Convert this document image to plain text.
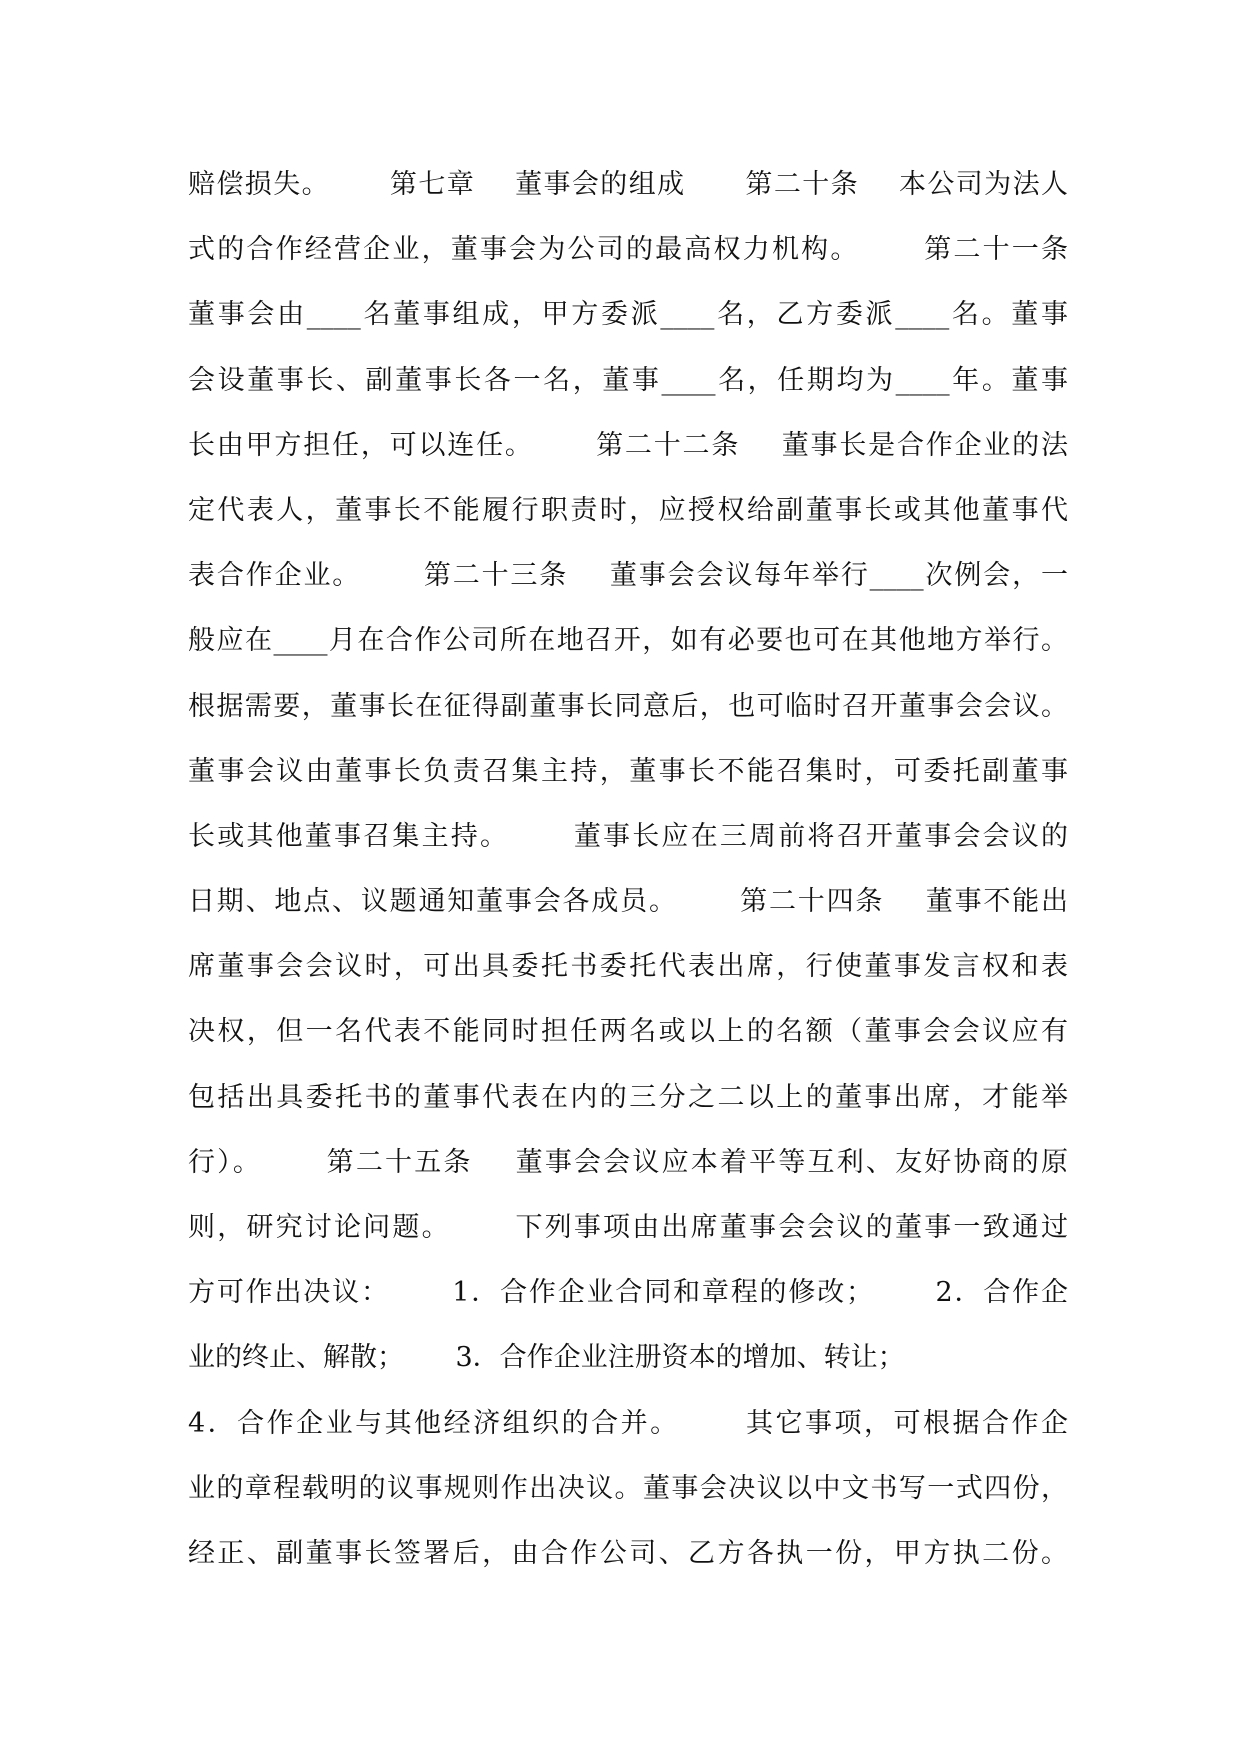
赔偿损失。      第七章    董事会的组成      第二十条    本公司为法人
式的合作经营企业，董事会为公司的最高权力机构。      第二十一条
董事会由____名董事组成，甲方委派____名，乙方委派____名。董事
会设董事长、副董事长各一名，董事____名，任期均为____年。董事
长由甲方担任，可以连任。      第二十二条    董事长是合作企业的法
定代表人，董事长不能履行职责时，应授权给副董事长或其他董事代
表合作企业。      第二十三条    董事会会议每年举行____次例会，一
般应在____月在合作公司所在地召开，如有必要也可在其他地方举行。
根据需要，董事长在征得副董事长同意后，也可临时召开董事会会议。
董事会议由董事长负责召集主持，董事长不能召集时，可委托副董事
长或其他董事召集主持。      董事长应在三周前将召开董事会会议的
日期、地点、议题通知董事会各成员。      第二十四条    董事不能出
席董事会会议时，可出具委托书委托代表出席，行使董事发言权和表
决权，但一名代表不能同时担任两名或以上的名额（董事会会议应有
包括出具委托书的董事代表在内的三分之二以上的董事出席，才能举
行）。      第二十五条    董事会会议应本着平等互利、友好协商的原
则，研究讨论问题。      下列事项由出席董事会会议的董事一致通过
方可作出决议：      1．合作企业合同和章程的修改；      2．合作企
业的终止、解散；      3．合作企业注册资本的增加、转让；
4．合作企业与其他经济组织的合并。      其它事项，可根据合作企
业的章程载明的议事规则作出决议。董事会决议以中文书写一式四份，
经正、副董事长签署后，由合作公司、乙方各执一份，甲方执二份。
